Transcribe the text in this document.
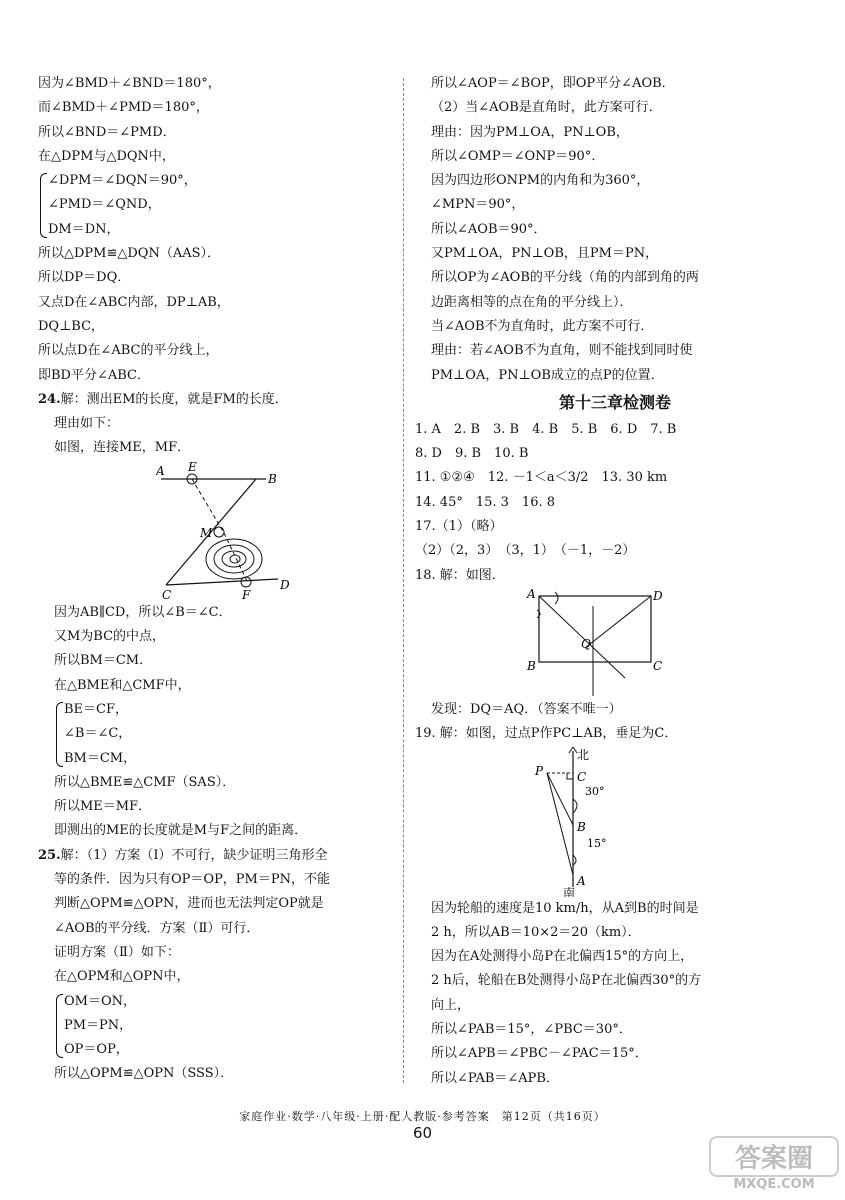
因为∠BMD＋∠BND＝180°，
而∠BMD＋∠PMD＝180°，
所以∠BND＝∠PMD．
在△DPM与△DQN中，
∠DPM＝∠DQN＝90°，
∠PMD＝∠QND，
DM＝DN，
所以△DPM≌△DQN（AAS）．
所以DP＝DQ．
又点D在∠ABC内部，DP⊥AB，
DQ⊥BC，
所以点D在∠ABC的平分线上，
即BD平分∠ABC．
24.解：测出EM的长度，就是FM的长度．
理由如下：
如图，连接ME，MF．
A E
B
M
C	F
D
因为AB∥CD，所以∠B＝∠C．
又M为BC的中点，
所以BM＝CM．
在△BME和△CMF中，
BE＝CF，
∠B＝∠C，
BM＝CM，
所以△BME≌△CMF（SAS）．
所以ME＝MF．
即测出的ME的长度就是M与F之间的距离．
25.解：（1）方案（Ⅰ）不可行，缺少证明三角形全
等的条件．因为只有OP＝OP，PM＝PN，不能
判断△OPM≌△OPN，进而也无法判定OP就是
∠AOB的平分线．方案（Ⅱ）可行．
证明方案（Ⅱ）如下：
在△OPM和△OPN中，
OM＝ON，
PM＝PN，
OP＝OP，
所以△OPM≌△OPN（SSS）．
所以∠AOP＝∠BOP，即OP平分∠AOB．
（2）当∠AOB是直角时，此方案可行．
理由：因为PM⊥OA，PN⊥OB，
所以∠OMP＝∠ONP＝90°．
因为四边形ONPM的内角和为360°，
∠MPN＝90°，
所以∠AOB＝90°．
又PM⊥OA，PN⊥OB，且PM＝PN，
所以OP为∠AOB的平分线（角的内部到角的两
边距离相等的点在角的平分线上）．
当∠AOB不为直角时，此方案不可行．
理由：若∠AOB不为直角，则不能找到同时使
PM⊥OA，PN⊥OB成立的点P的位置．
第十三章检测卷
1. A　2. B　3. B　4. B　5. B　6. D　7. B
8. D　9. B　10. B
11. ①②④　12. －1＜a＜3/2　13. 30 km
14. 45°　15. 3　16. 8
17.（1）（略）
（2）（2，3）　（3，1）　（－1，－2）
18. 解：如图．
A	D
Q
B	C
发现：DQ＝AQ．（答案不唯一）
19. 解：如图，过点P作PC⊥AB，垂足为C．
北
南
P	C
B
A
30°
15°
因为轮船的速度是10 km/h，从A到B的时间是
2 h，所以AB＝10×2＝20（km）．
因为在A处测得小岛P在北偏西15°的方向上，
2 h后，轮船在B处测得小岛P在北偏西30°的方
向上，
所以∠PAB＝15°，∠PBC＝30°．
所以∠APB＝∠PBC－∠PAC＝15°．
所以∠PAB＝∠APB．
家庭作业·数学·八年级·上册·配人教版·参考答案　第12页（共16页）
60
答案圈
MXQE.COM
